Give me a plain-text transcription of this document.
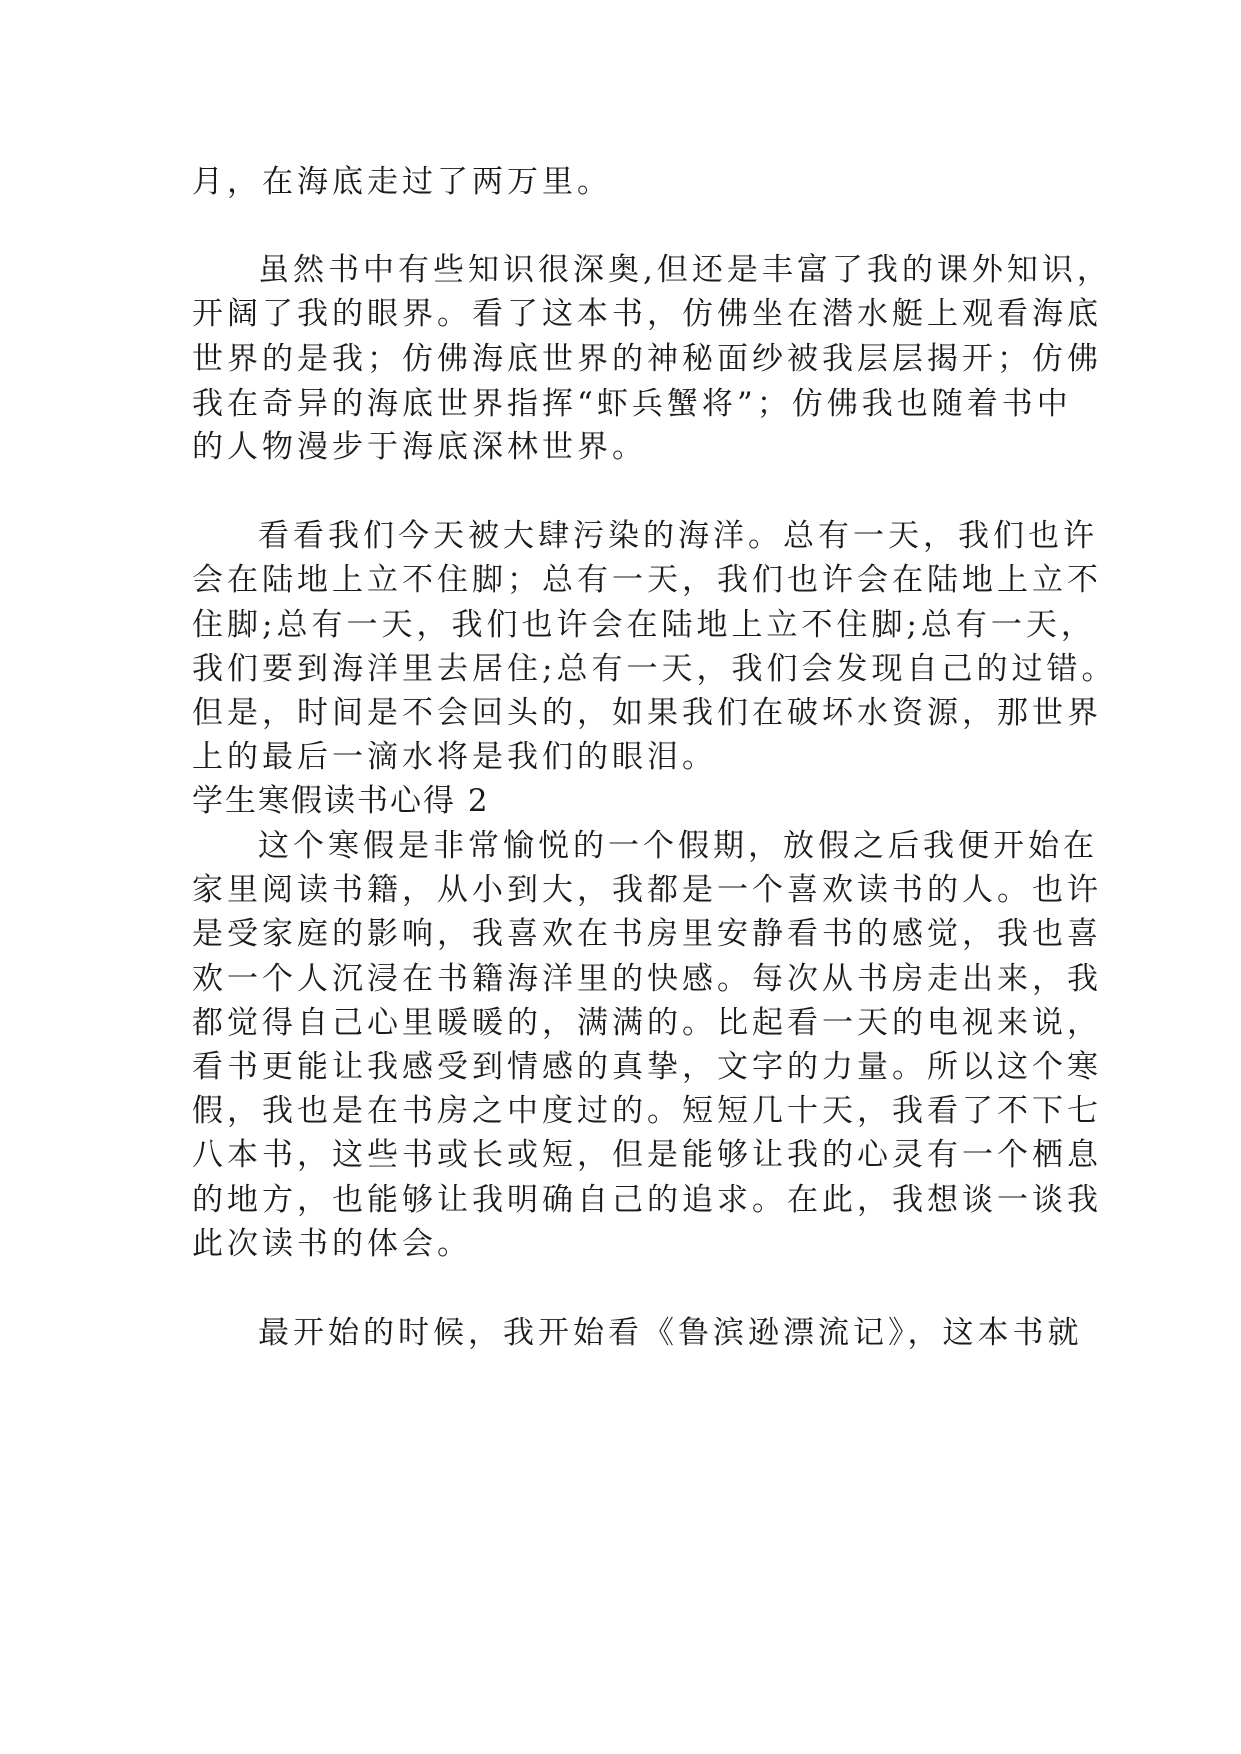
月，在海底走过了两万里。
虽然书中有些知识很深奥,但还是丰富了我的课外知识，
开阔了我的眼界。看了这本书，仿佛坐在潜水艇上观看海底
世界的是我；仿佛海底世界的神秘面纱被我层层揭开；仿佛
我在奇异的海底世界指挥“虾兵蟹将”；仿佛我也随着书中
的人物漫步于海底深林世界。
看看我们今天被大肆污染的海洋。总有一天，我们也许
会在陆地上立不住脚；总有一天，我们也许会在陆地上立不
住脚;总有一天，我们也许会在陆地上立不住脚;总有一天，
我们要到海洋里去居住;总有一天，我们会发现自己的过错。
但是，时间是不会回头的，如果我们在破坏水资源，那世界
上的最后一滴水将是我们的眼泪。
学生寒假读书心得 2
这个寒假是非常愉悦的一个假期，放假之后我便开始在
家里阅读书籍，从小到大，我都是一个喜欢读书的人。也许
是受家庭的影响，我喜欢在书房里安静看书的感觉，我也喜
欢一个人沉浸在书籍海洋里的快感。每次从书房走出来，我
都觉得自己心里暖暖的，满满的。比起看一天的电视来说，
看书更能让我感受到情感的真挚，文字的力量。所以这个寒
假，我也是在书房之中度过的。短短几十天，我看了不下七
八本书，这些书或长或短，但是能够让我的心灵有一个栖息
的地方，也能够让我明确自己的追求。在此，我想谈一谈我
此次读书的体会。
最开始的时候，我开始看《鲁滨逊漂流记》，这本书就
